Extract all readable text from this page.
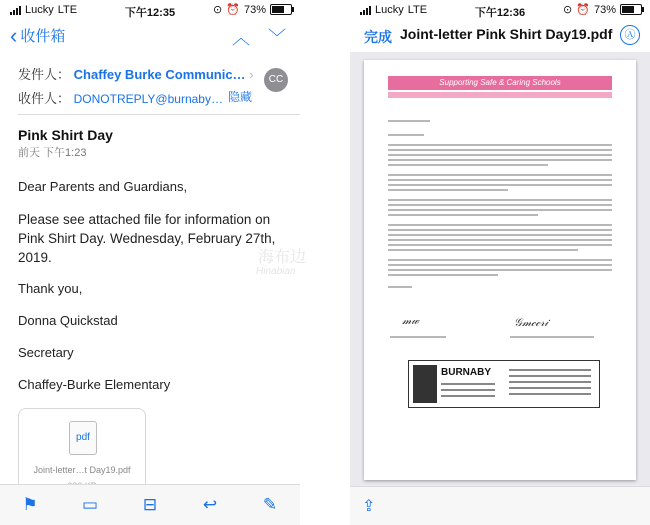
Lucky LTE	下午12:35	⊙ ⏰ 73%
‹ 收件箱	︿ ﹀
发件人： Chaffey Burke Communic… ›
收件人： DONOTREPLY@burnaby… 隐藏
CC
Pink Shirt Day
前天 下午1:23
Dear Parents and Guardians,
Please see attached file for information on Pink Shirt Day. Wednesday, February 27th, 2019.
Thank you,
Donna Quickstad
Secretary
Chaffey-Burke Elementary
pdf
Joint-letter…t Day19.pdf
⚑	▭	⊟	↩	✎
Lucky LTE	下午12:36	⊙ ⏰ 73%
完成 Joint-letter Pink Shirt Day19.pdf	Ⓐ
Supporting Safe & Caring Schools
𝓂𝓌	𝒢𝓂𝒸𝒸𝓇𝒾
BURNABY
⇪
海布边
Hinabian
